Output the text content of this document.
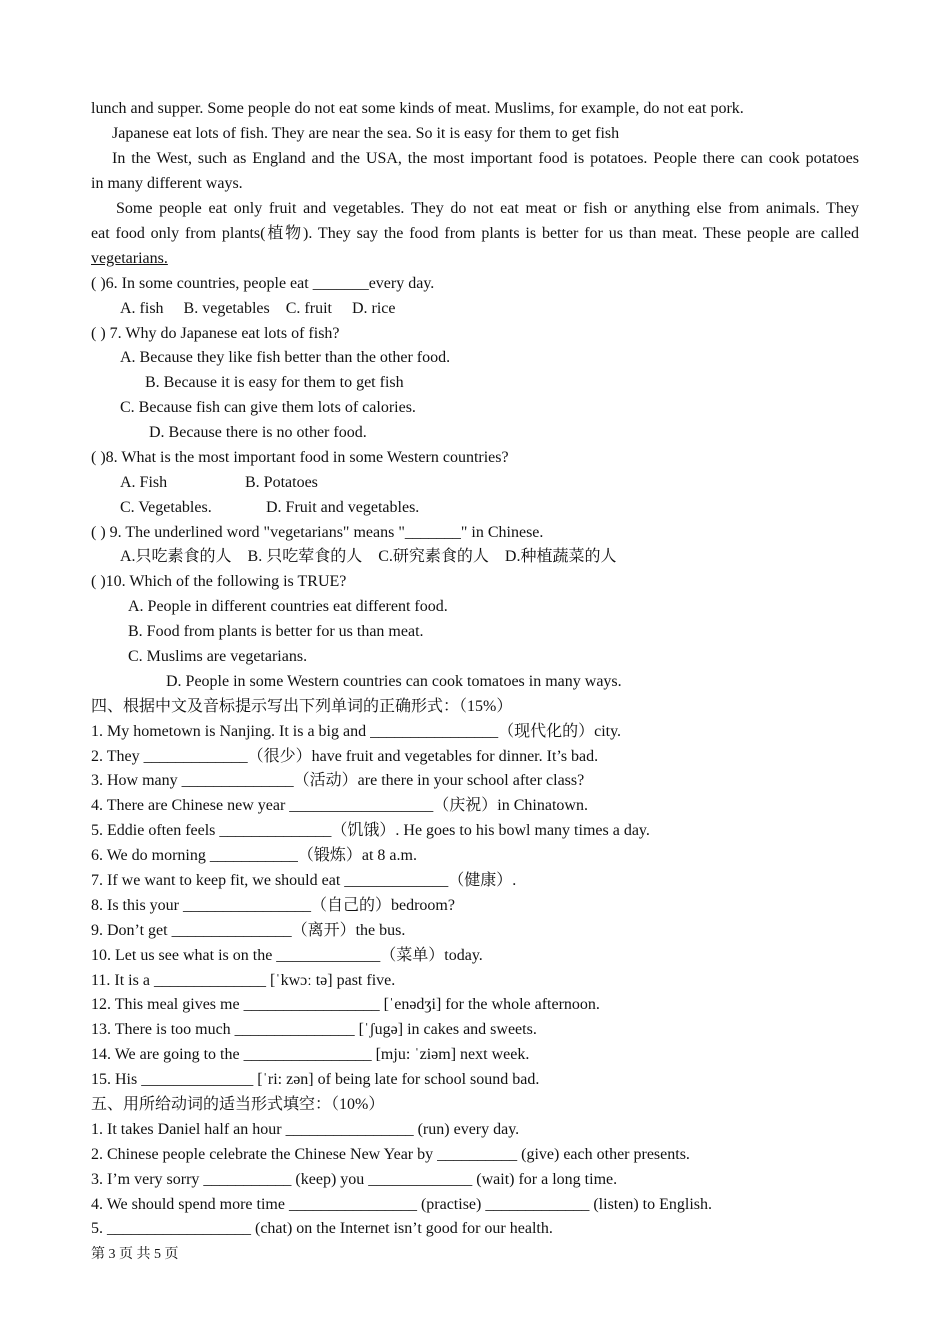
lunch and supper. Some people do not eat some kinds of meat. Muslims, for example, do not eat pork.
Japanese eat lots of fish. They are near the sea. So it is easy for them to get fish
In the West, such as England and the USA, the most important food is potatoes. People there can cook potatoes
in many different ways.
Some people eat only fruit and vegetables. They do not eat meat or fish or anything else from animals. They
eat food only from plants(植物). They say the food from plants is better for us than meat. These people are called
vegetarians.
( )6. In some countries, people eat _______every day.
A. fish     B. vegetables    C. fruit     D. rice
( ) 7. Why do Japanese eat lots of fish?
A. Because they like fish better than the other food.
B. Because it is easy for them to get fish
C. Because fish can give them lots of calories.
D. Because there is no other food.
( )8. What is the most important food in some Western countries?
A. Fish	B. Potatoes
C. Vegetables.	D. Fruit and vegetables.
( ) 9. The underlined word "vegetarians" means "_______" in Chinese.
A.只吃素食的人    B. 只吃荤食的人    C.研究素食的人    D.种植蔬菜的人
( )10. Which of the following is TRUE?
A. People in different countries eat different food.
B. Food from plants is better for us than meat.
C. Muslims are vegetarians.
D. People in some Western countries can cook tomatoes in many ways.
四、根据中文及音标提示写出下列单词的正确形式：（15%）
1. My hometown is Nanjing. It is a big and ________________（现代化的）city.
2. They _____________（很少）have fruit and vegetables for dinner. It’s bad.
3. How many ______________（活动）are there in your school after class?
4. There are Chinese new year __________________（庆祝）in Chinatown.
5. Eddie often feels ______________（饥饿）. He goes to his bowl many times a day.
6. We do morning ___________（锻炼）at 8 a.m.
7. If we want to keep fit, we should eat _____________（健康）.
8. Is this your ________________（自己的）bedroom?
9. Don’t get _______________（离开）the bus.
10. Let us see what is on the _____________（菜单）today.
11. It is a ______________ [ˈkwɔː tə] past five.
12. This meal gives me _________________ [ˈenədʒi] for the whole afternoon.
13. There is too much _______________ [ˈʃugə] in cakes and sweets.
14. We are going to the ________________ [mju: ˈziəm] next week.
15. His ______________ [ˈri: zən] of being late for school sound bad.
五、用所给动词的适当形式填空：（10%）
1. It takes Daniel half an hour ________________ (run) every day.
2. Chinese people celebrate the Chinese New Year by __________ (give) each other presents.
3. I’m very sorry ___________ (keep) you _____________ (wait) for a long time.
4. We should spend more time ________________ (practise) _____________ (listen) to English.
5. __________________ (chat) on the Internet isn’t good for our health.
第 3 页 共 5 页
